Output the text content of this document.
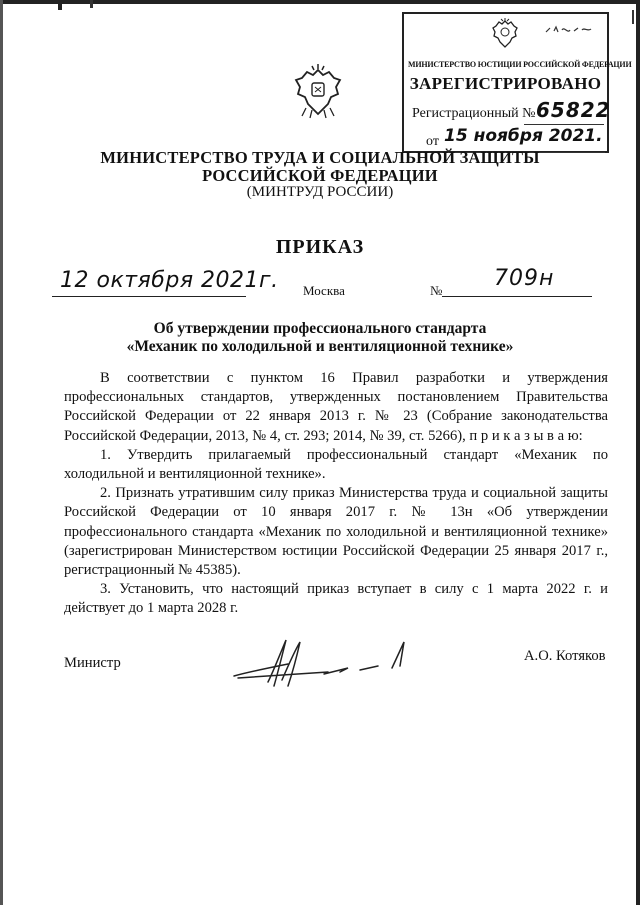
МИНИСТЕРСТВО ЮСТИЦИИ РОССИЙСКОЙ ФЕДЕРАЦИИ
ЗАРЕГИСТРИРОВАНО
Регистрационный № 65822
от 15 ноября 2021.
МИНИСТЕРСТВО ТРУДА И СОЦИАЛЬНОЙ ЗАЩИТЫ
РОССИЙСКОЙ ФЕДЕРАЦИИ
(МИНТРУД РОССИИ)
ПРИКАЗ
12 октября 2021г. Москва	№ 709н
Об утверждении профессионального стандарта
«Механик по холодильной и вентиляционной технике»

В соответствии с пунктом 16 Правил разработки и утверждения профессиональных стандартов, утвержденных постановлением Правительства Российской Федерации от 22 января 2013 г. № 23 (Собрание законодательства Российской Федерации, 2013, № 4, ст. 293; 2014, № 39, ст. 5266), п р и к а з ы в а ю:

1. Утвердить прилагаемый профессиональный стандарт «Механик по холодильной и вентиляционной технике».

2. Признать утратившим силу приказ Министерства труда и социальной защиты Российской Федерации от 10 января 2017 г. № 13н «Об утверждении профессионального стандарта «Механик по холодильной и вентиляционной технике» (зарегистрирован Министерством юстиции Российской Федерации 25 января 2017 г., регистрационный № 45385).

3. Установить, что настоящий приказ вступает в силу с 1 марта 2022 г. и действует до 1 марта 2028 г.

Министр	А.О. Котяков
